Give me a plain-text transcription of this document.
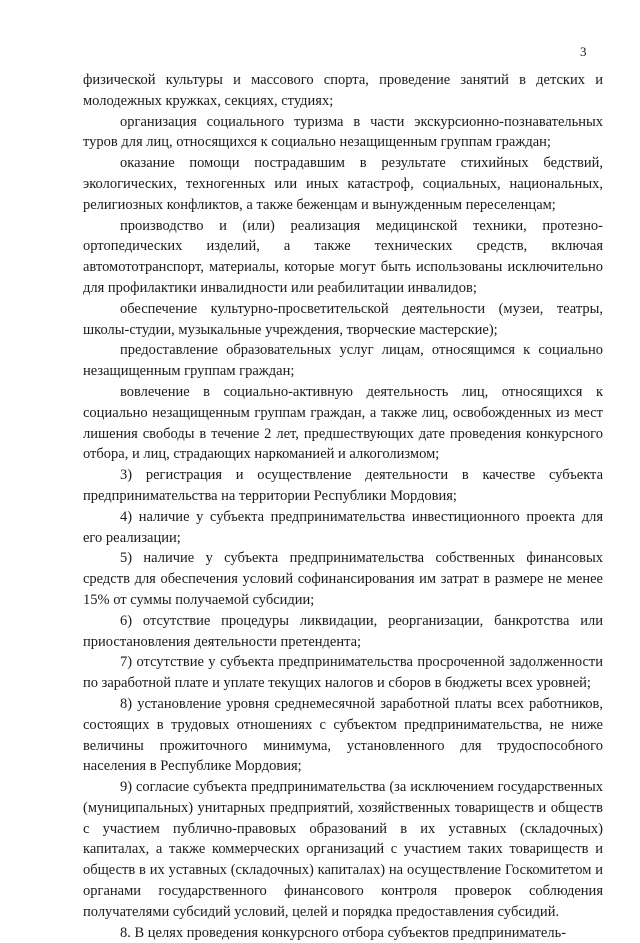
3

физической культуры и массового спорта, проведение занятий в детских и молодежных кружках, секциях, студиях;

организация социального туризма в части экскурсионно-познавательных туров для лиц, относящихся к социально незащищенным группам граждан;

оказание помощи пострадавшим в результате стихийных бедствий, экологических, техногенных или иных катастроф, социальных, национальных, религиозных конфликтов, а также беженцам и вынужденным переселенцам;

производство и (или) реализация медицинской техники, протезно-ортопедических изделий, а также технических средств, включая автомототранспорт, материалы, которые могут быть использованы исключительно для профилактики инвалидности или реабилитации инвалидов;

обеспечение культурно-просветительской деятельности (музеи, театры, школы-студии, музыкальные учреждения, творческие мастерские);

предоставление образовательных услуг лицам, относящимся к социально незащищенным группам граждан;

вовлечение в социально-активную деятельность лиц, относящихся к социально незащищенным группам граждан, а также лиц, освобожденных из мест лишения свободы в течение 2 лет, предшествующих дате проведения конкурсного отбора, и лиц, страдающих наркоманией и алкоголизмом;

3) регистрация и осуществление деятельности в качестве субъекта предпринимательства на территории Республики Мордовия;

4) наличие у субъекта предпринимательства инвестиционного проекта для его реализации;

5) наличие у субъекта предпринимательства собственных финансовых средств для обеспечения условий софинансирования им затрат в размере не менее 15% от суммы получаемой субсидии;

6) отсутствие процедуры ликвидации, реорганизации, банкротства или приостановления деятельности претендента;

7) отсутствие у субъекта предпринимательства просроченной задолженности по заработной плате и уплате текущих налогов и сборов в бюджеты всех уровней;

8) установление уровня среднемесячной заработной платы всех работников, состоящих в трудовых отношениях с субъектом предпринимательства, не ниже величины прожиточного минимума, установленного для трудоспособного населения в Республике Мордовия;

9) согласие субъекта предпринимательства (за исключением государственных (муниципальных) унитарных предприятий, хозяйственных товариществ и обществ с участием публично-правовых образований в их уставных (складочных) капиталах, а также коммерческих организаций с участием таких товариществ и обществ в их уставных (складочных) капиталах) на осуществление Госкомитетом и органами государственного финансового контроля проверок соблюдения получателями субсидий условий, целей и порядка предоставления субсидий.

8. В целях проведения конкурсного отбора субъектов предприниматель-
